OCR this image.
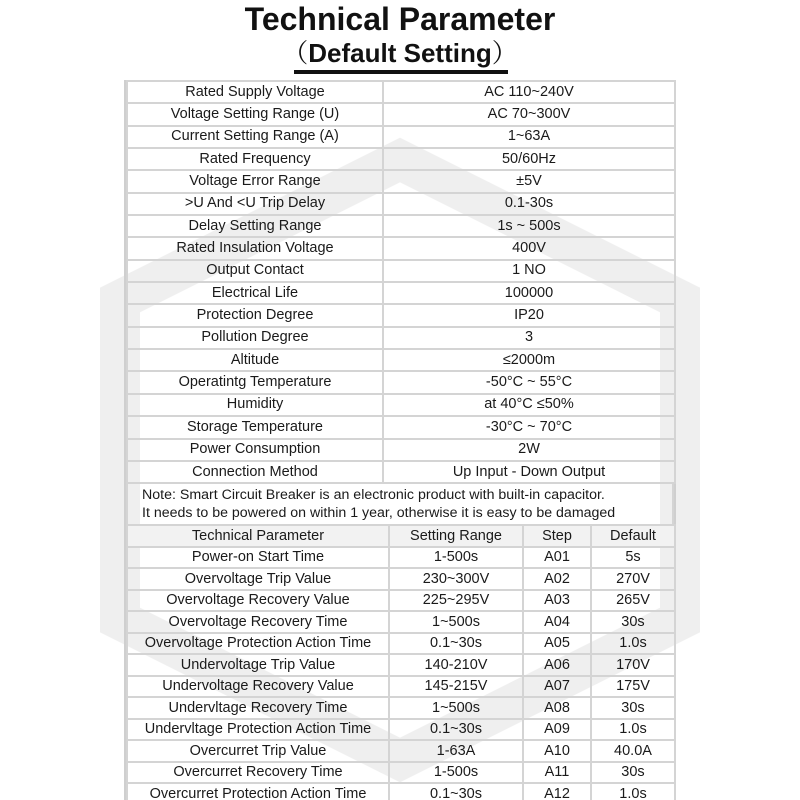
Technical Parameter
（Default Setting）
Rated Supply Voltage	AC 110~240V
Voltage Setting Range (U)	AC 70~300V
Current Setting Range (A)	1~63A
Rated Frequency	50/60Hz
Voltage Error Range	±5V
>U And <U Trip Delay	0.1-30s
Delay Setting Range	1s ~ 500s
Rated Insulation Voltage	400V
Output Contact	1 NO
Electrical Life	100000
Protection Degree	IP20
Pollution Degree	3
Altitude	≤2000m
Operatintg Temperature	-50°C ~ 55°C
Humidity	at 40°C ≤50%
Storage Temperature	-30°C ~ 70°C
Power Consumption	2W
Connection Method	Up Input - Down Output
Note: Smart Circuit Breaker is an electronic product with built-in capacitor.
It needs to be powered on within 1 year, otherwise it is easy to be damaged
Technical Parameter	Setting Range	Step	Default
Power-on Start Time	1-500s	A01	5s
Overvoltage Trip Value	230~300V	A02	270V
Overvoltage Recovery Value	225~295V	A03	265V
Overvoltage Recovery Time	1~500s	A04	30s
Overvoltage Protection Action Time	0.1~30s	A05	1.0s
Undervoltage Trip Value	140-210V	A06	170V
Undervoltage Recovery Value	145-215V	A07	175V
Undervltage Recovery Time	1~500s	A08	30s
Undervltage Protection Action Time	0.1~30s	A09	1.0s
Overcurret Trip Value	1-63A	A10	40.0A
Overcurret Recovery Time	1-500s	A11	30s
Overcurret Protection Action Time	0.1~30s	A12	1.0s
